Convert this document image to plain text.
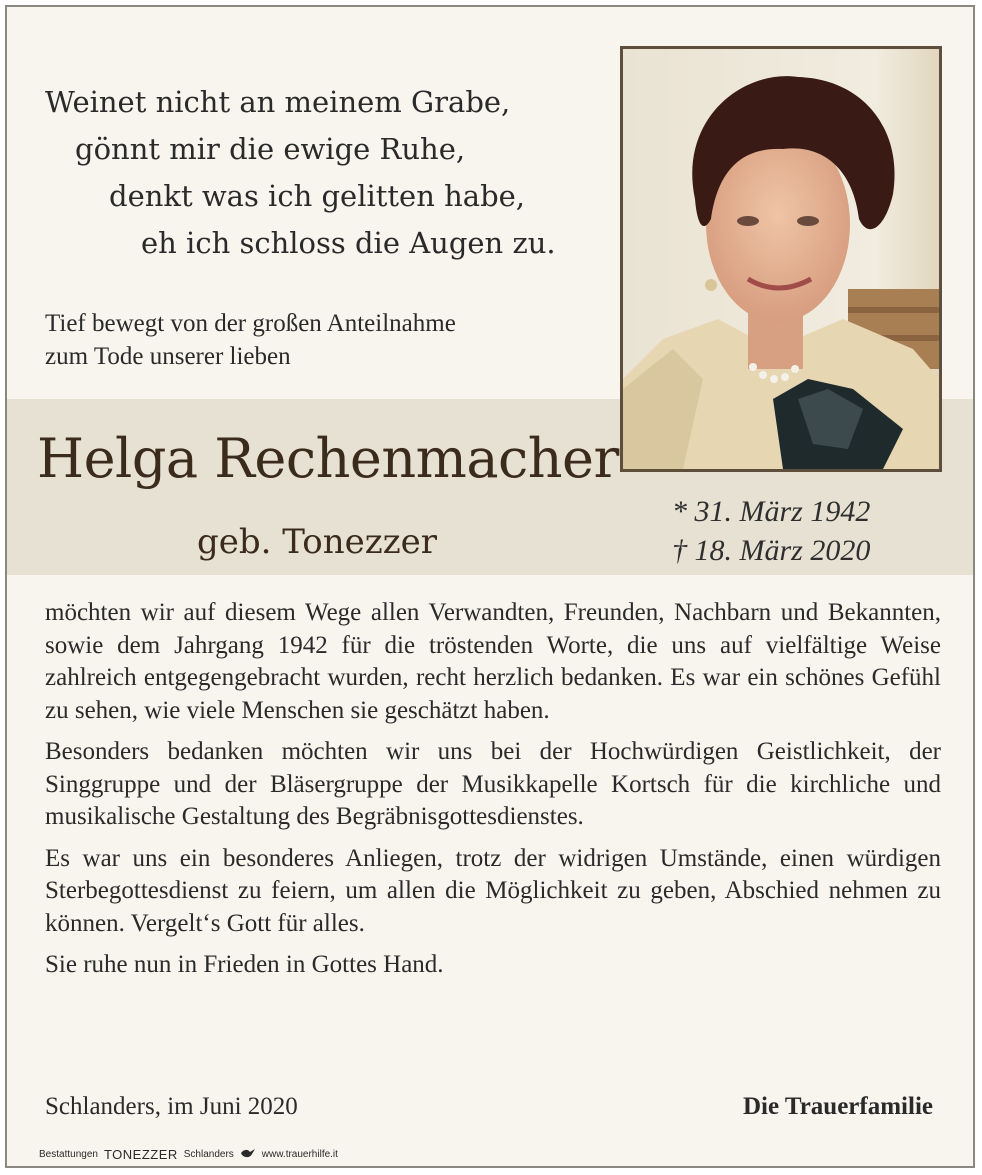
Weinet nicht an meinem Grabe,
gönnt mir die ewige Ruhe,
denkt was ich gelitten habe,
eh ich schloss die Augen zu.
Tief bewegt von der großen Anteilnahme
zum Tode unserer lieben
Helga Rechenmacher
geb. Tonezzer
* 31. März 1942
† 18. März 2020

möchten wir auf diesem Wege allen Verwandten, Freunden, Nachbarn und Bekannten, sowie dem Jahrgang 1942 für die tröstenden Worte, die uns auf vielfältige Weise zahlreich entgegengebracht wurden, recht herzlich bedanken. Es war ein schönes Gefühl zu sehen, wie viele Menschen sie geschätzt haben.

Besonders bedanken möchten wir uns bei der Hochwürdigen Geistlichkeit, der Singgruppe und der Bläsergruppe der Musikkapelle Kortsch für die kirchliche und musikalische Gestaltung des Begräbnisgottesdienstes.

Es war uns ein besonderes Anliegen, trotz der widrigen Umstände, einen würdigen Sterbegottesdienst zu feiern, um allen die Möglichkeit zu geben, Abschied nehmen zu können. Vergelt‘s Gott für alles.

Sie ruhe nun in Frieden in Gottes Hand.

Schlanders, im Juni 2020	Die Trauerfamilie
Bestattungen TONEZZER Schlanders	www.trauerhilfe.it
